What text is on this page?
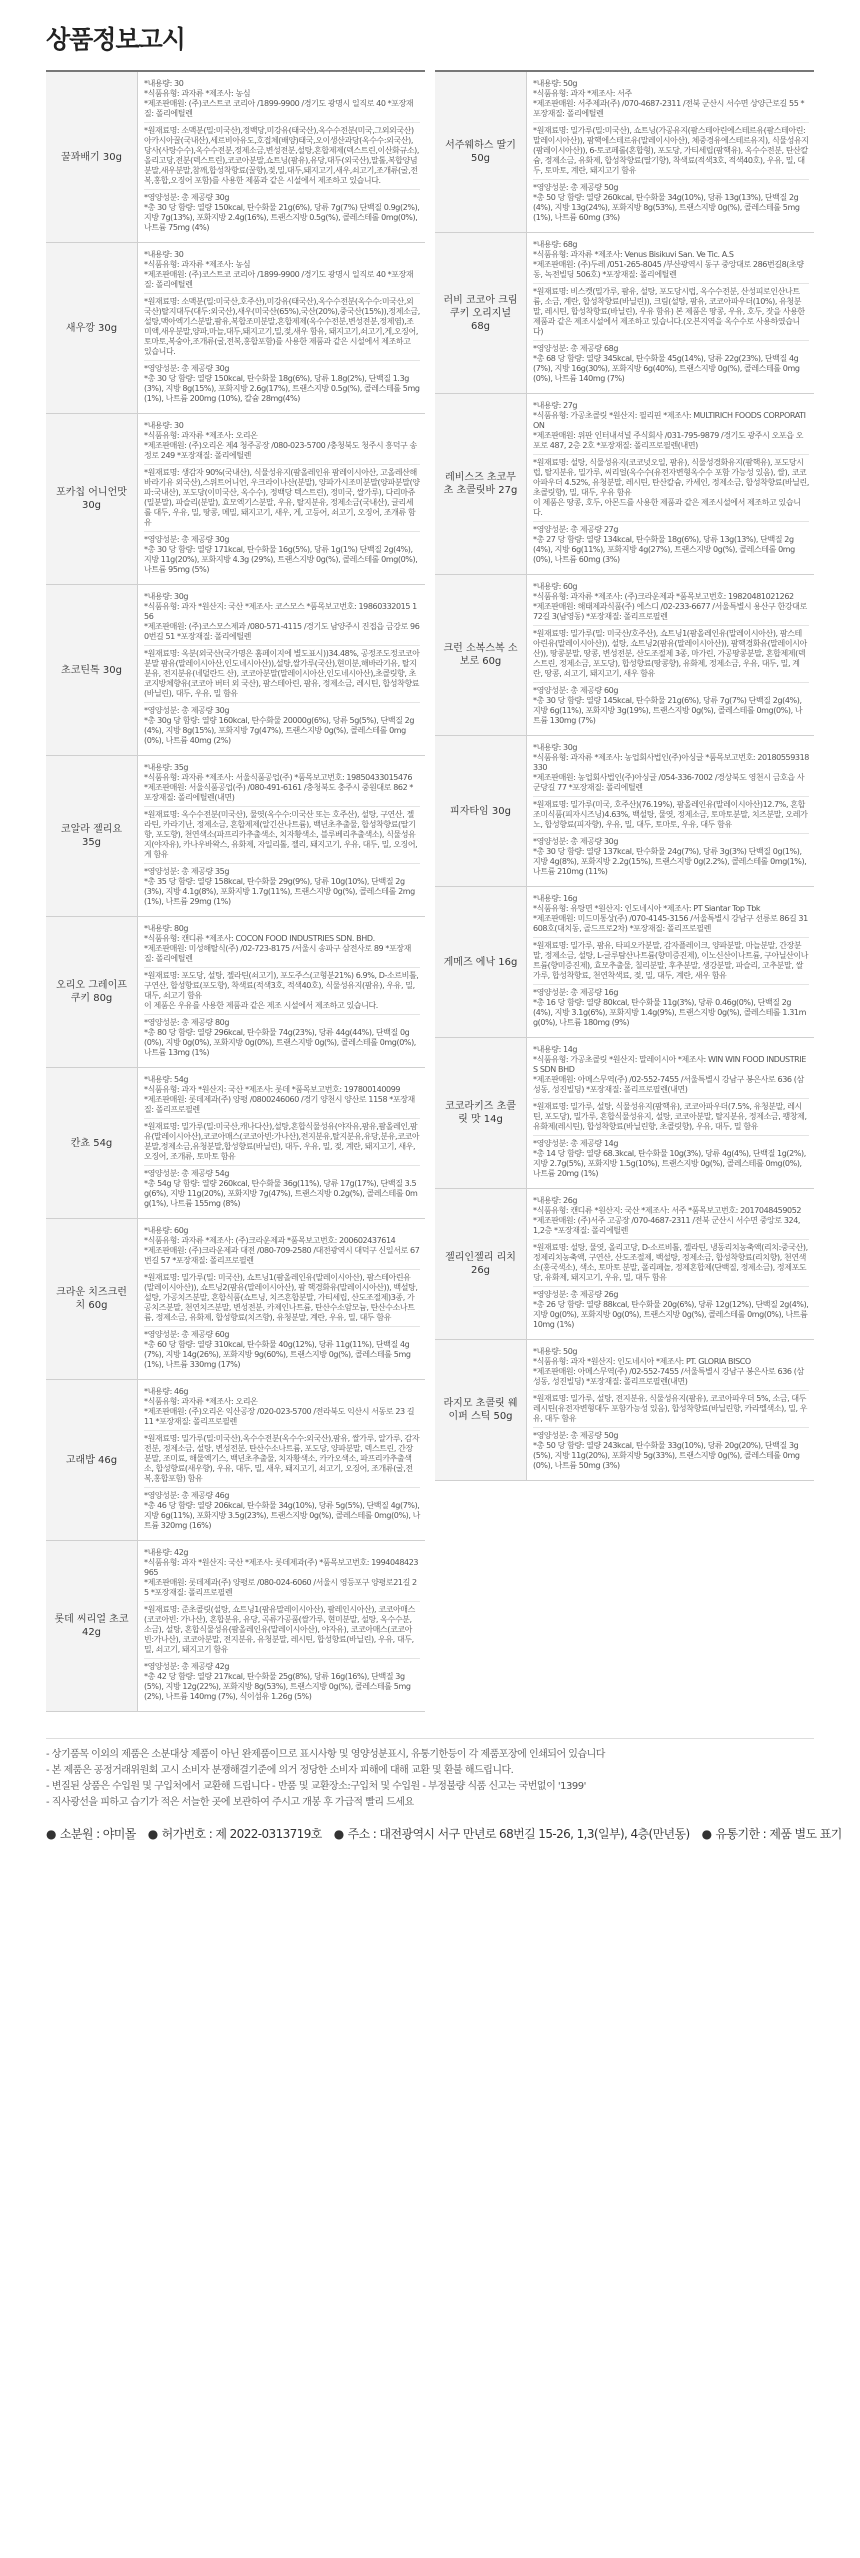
상품정보고시
꿀꽈배기 30g

*내용량: 30

*식품유형: 과자류 *제조사: 농심

*제조판매원: (주)코스트코 코리아 /1899-9900 /경기도 광명시 일직로 40 *포장재질: 폴리에틸렌

*원재료명: 소맥분(밀:미국산),정백당,미강유(태국산),옥수수전분(미국,그외외국산)아카시아꿀(국내산),세르비아유도,호접체(배양)태국,오이생산과당(옥수수:외국산),당사(사탕수수),옥수수전분,정제소금,변성전분,설탕,혼합제제(덱스트린,이산화규소),올리고당,전분(덱스트린),코코아분말,쇼트닝(팜유),유당,대두(외국산),말톨,복합양념분말,새우분말,참깨,합성착향료(꿀향),젖,밀,대두,돼지고기,새우,쇠고기,조개류(굴,전복,홍합,오징어 포함)를 사용한 제품과 같은 시설에서 제조하고 있습니다.

*영양성분: 총 제공량 30g

*총 30 당 함량: 열량 150kcal, 탄수화물 21g(6%), 당류 7g(7%) 단백질 0.9g(2%), 지방 7g(13%), 포화지방 2.4g(16%), 트랜스지방 0.5g(%), 콜레스테롤 0mg(0%), 나트륨 75mg (4%)

새우깡 30g

*내용량: 30

*식품유형: 과자류 *제조사: 농심

*제조판매원: (주)코스트코 코리아 /1899-9900 /경기도 광명시 일직로 40 *포장재질: 폴리에틸렌

*원재료명: 소맥분(밀:미국산,호주산),미강유(태국산),옥수수전분(옥수수:미국산,외국산)탈지대두(대두:외국산),새우(미국산(65%),국산(20%),중국산(15%)),정제소금,설탕,맥아엑기스분말,팜유,복합조미분말,혼합제제(옥수수전분,변성전분,정제염),조미액,새우분말,양파,마늘,대두,돼지고기,밀,젖,새우 함유, 돼지고기,쇠고기,게,오징어,토마토,복숭아,조개류(굴,전복,홍합포함)를 사용한 제품과 같은 시설에서 제조하고 있습니다.

*영양성분: 총 제공량 30g

*총 30 당 함량: 열량 150kcal, 탄수화물 18g(6%), 당류 1.8g(2%), 단백질 1.3g(3%), 지방 8g(15%), 포화지방 2.6g(17%), 트랜스지방 0.5g(%), 콜레스테롤 5mg(1%), 나트륨 200mg (10%), 칼슘 28mg(4%)

포카칩 어니언맛 30g

*내용량: 30

*식품유형: 과자류 *제조사: 오리온

*제조판매원: (주)오리온 제4 청주공장 /080-023-5700 /충청북도 청주시 흥덕구 송정로 249 *포장재질: 폴리에틸렌

*원재료명: 생감자 90%(국내산), 식물성유지(팜올레인유 팜레이시아산, 고올레산해바라기유 외국산),스위트어니언, 우크라이나산(분말), 양파가시조미분말(양파분말(양파:국내산), 포도당(이미국산, 옥수수), 정백당 텍스트린), 정미국, 쌀가루), 다리마쥬(밀분말), 파슬리(분말), 효모엑기스분말, 우유, 탈지분유, 정제소금(국내산), 글리세롤 대두, 우유, 밀, 땅콩, 메밀, 돼지고기, 새우, 게, 고등어, 쇠고기, 오징어, 조개류 함유

*영양성분: 총 제공량 30g

*총 30 당 함량: 열량 171kcal, 탄수화물 16g(5%), 당류 1g(1%) 단백질 2g(4%), 지방 11g(20%), 포화지방 4.3g (29%), 트랜스지방 0g(%), 콜레스테롤 0mg(0%), 나트륨 95mg (5%)

초코틴톡 30g

*내용량: 30g

*식품유형: 과자 *원산지: 국산 *제조사: 코스모스 *품목보고번호: 19860332015 156

*제조판매원: (주)코스모스제과 /080-571-4115 /경기도 남양주시 진접읍 금강로 960번길 51 *포장재질: 폴리에틸렌

*원재료명: 옥분(외국산(국가명은 홈페이지에 별도표시))34.48%, 공정조도정코코아분말 팜유(말레이시아산,인도네시아산)),설탕,쌀가루(국산),현미분,해바라기유, 탈지분유, 전지분유(네덜란드 산), 코코아분말(말레이시아산,인도네시아산),초콜릿향, 초코지방체향유(코코아 버터 외 국산), 팜스테아린, 팜유, 정제소금, 레시틴, 합성착향료(바닐린), 대두, 우유, 밀 함유

*영양성분: 총 제공량 30g

*총 30g 당 함량: 열량 160kcal, 탄수화물 20000g(6%), 당류 5g(5%), 단백질 2g(4%), 지방 8g(15%), 포화지방 7g(47%), 트랜스지방 0g(%), 콜레스테롤 0mg(0%), 나트륨 40mg (2%)

코알라 젤리요 35g

*내용량: 35g

*식품유형: 과자류 *제조사: 서울식품공업(주) *품목보고번호: 19850433015476

*제조판매원: 서울식품공업(주) /080-491-6161 /충청북도 충주시 중원대로 862 *포장재질: 폴리에틸렌(내면)

*원재료명: 옥수수전분(미국산), 물엿(옥수수:미국산 또는 호주산), 설탕, 구연산, 젤라틴, 카라기난, 정제소금, 혼합제제(알긴산나트륨), 백년초추출물, 합성착향료(딸기향, 포도향), 천연색소(파프리카추출색소, 치자황색소, 블루베리추출색소), 식물성유지(야자유), 카나우바왁스, 유화제, 자일리톨, 젤리, 돼지고기, 우유, 대두, 밀, 오징어, 게 함유

*영양성분: 총 제공량 35g

*총 35 당 함량: 열량 158kcal, 탄수화물 29g(9%), 당류 10g(10%), 단백질 2g(3%), 지방 4.1g(8%), 포화지방 1.7g(11%), 트랜스지방 0g(%), 콜레스테롤 2mg(1%), 나트륨 29mg (1%)

오리오 그레이프 쿠키 80g

*내용량: 80g

*식품유형: 캔디류 *제조사: COCON FOOD INDUSTRIES SDN. BHD.

*제조판매원: 미성해탈식(주) /02-723-8175 /서울시 송파구 삼전사로 89 *포장재질: 폴리에틸렌

*원재료명: 포도당, 설탕, 젤라틴(쇠고기), 포도주스(고형분21%) 6.9%, D-소르비톨, 구연산, 합성향료(포도향), 착색료(적색3호, 적색40호), 식물성유지(팜유), 우유, 밀, 대두, 쇠고기 함유

이 제품은 우유를 사용한 제품과 같은 제조 시설에서 제조하고 있습니다.

*영양성분: 총 제공량 80g

*총 80 당 함량: 열량 296kcal, 탄수화물 74g(23%), 당류 44g(44%), 단백질 0g(0%), 지방 0g(0%), 포화지방 0g(0%), 트랜스지방 0g(%), 콜레스테롤 0mg(0%), 나트륨 13mg (1%)

칸쵸 54g

*내용량: 54g

*식품유형: 과자 *원산지: 국산 *제조사: 롯데 *품목보고번호: 197800140099

*제조판매원: 롯데제과(주) 양평 /0800246060 /경기 양천시 양산로 1158 *포장재질: 폴리프로필렌

*원재료명: 밀가루(밀:미국산,캐나다산),설탕,혼합식물성유(야자유,팜유,팜올레인,팜유(말레이시아산),코코아매스(코코아빈:가나산),전지분유,탈지분유,유당,분유,코코아분말,정제소금,유청분말,합성향료(바닐린), 대두, 우유, 밀, 젖, 계란, 돼지고기, 새우, 오징어, 조개류, 토마토 함유

*영양성분: 총 제공량 54g

*총 54g 당 함량: 열량 260kcal, 탄수화물 36g(11%), 당류 17g(17%), 단백질 3.5g(6%), 지방 11g(20%), 포화지방 7g(47%), 트랜스지방 0.2g(%), 콜레스테롤 0mg(1%), 나트륨 155mg (8%)

크라운 치즈크런치 60g

*내용량: 60g

*식품유형: 과자류 *제조사: (주)크라운제과 *품목보고번호: 200602437614

*제조판매원: (주)크라운제과 대전 /080-709-2580 /대전광역시 대덕구 신일서로 67번길 57 *포장재질: 폴리프로필렌

*원재료명: 밀가루(밀: 미국산), 쇼트닝1(팜올레인유(말레이시아산), 팜스테아린유(말레이시아산)), 쇼트닝2(팜유(말레이시아산), 팜 핵경화유(말레이시아산)), 백설탕, 설탕, 가공치즈분말, 혼합식품(쇼트닝, 치즈혼합분말, 가티세립, 산도조절제)3종, 가공치즈분말, 천연치즈분말, 변성전분, 카제인나트륨, 탄산수소암모늄, 탄산수소나트륨, 정제소금, 유화제, 합성향료(치즈향), 유청분말, 계란, 우유, 밀, 대두 함유

*영양성분: 총 제공량 60g

*총 60 당 함량: 열량 310kcal, 탄수화물 40g(12%), 당류 11g(11%), 단백질 4g(7%), 지방 14g(26%), 포화지방 9g(60%), 트랜스지방 0g(%), 콜레스테롤 5mg(1%), 나트륨 330mg (17%)

고래밥 46g

*내용량: 46g

*식품유형: 과자류 *제조사: 오리온

*제조판매원: (주)오리온 익산공장 /020-023-5700 /전라북도 익산시 서동로 23 길 11 *포장재질: 폴리프로필렌

*원재료명: 밀가루(밀:미국산),옥수수전분(옥수수:외국산),팜유, 쌀가루, 알가루, 감자전분, 정제소금, 설탕, 변성전분, 탄산수소나트륨, 포도당, 양파분말, 덱스트린, 간장분말, 조미료, 해물엑기스, 백년초추출물, 치자황색소, 카카오색소, 파프리카추출색소, 합성향료(새우향), 우유, 대두, 밀, 새우, 돼지고기, 쇠고기, 오징어, 조개류(굴,전복,홍합포함) 함유

*영양성분: 총 제공량 46g

*총 46 당 함량: 열량 206kcal, 탄수화물 34g(10%), 당류 5g(5%), 단백질 4g(7%), 지방 6g(11%), 포화지방 3.5g(23%), 트랜스지방 0g(%), 콜레스테롤 0mg(0%), 나트륨 320mg (16%)

롯데 씨리얼 초코 42g

*내용량: 42g

*식품유형: 과자 *원산지: 국산 *제조사: 롯데제과(주) *품목보고번호: 1994048423965

*제조판매원: 롯데제과(주) 양평로 /080-024-6060 /서울시 영등포구 양평로21길 25 *포장재질: 폴리프로필렌

*원재료명: 준초콜릿(설탕, 쇼트닝1(팜유말레이시아산), 팜레인시아산), 코코아매스(코코아빈: 가나산), 혼합분유, 유당, 곡류가공품(쌀가루, 현미분말, 설탕, 옥수수분, 소금), 설탕, 혼합식물성유(팜올레인유(말레이시아산), 야자유), 코코아매스(코코아빈:가나산), 코코아분말, 전지분유, 유청분말, 레시틴, 합성향료(바닐린), 우유, 대두, 밀, 쇠고기, 돼지고기 함유

*영양성분: 총 제공량 42g

*총 42 당 함량: 열량 217kcal, 탄수화물 25g(8%), 당류 16g(16%), 단백질 3g(5%), 지방 12g(22%), 포화지방 8g(53%), 트랜스지방 0g(%), 콜레스테롤 5mg(2%), 나트륨 140mg (7%), 식이섬유 1.26g (5%)

서주웨하스 딸기 50g

*내용량: 50g

*식품유형: 과자 *제조사: 서주

*제조판매원: 서주제과(주) /070-4687-2311 /전북 군산시 서수면 상양근로길 55 *포장재질: 폴리에틸렌

*원재료명: 밀가루(밀:미국산), 쇼트닝(가공유지(팜스테아린에스테르유(팜스테아린:말레이시아산)), 팜핵에스테르유(말레이시아산), 체중경유에스테르유지), 식물성유지(팜레이시아산)), 6-토코페롤(혼합형), 포도당, 가티세립(팜핵유), 옥수수전분, 탄산칼슘, 정제소금, 유화제, 합성착향료(딸기향), 착색료(적색3호, 적색40호), 우유, 밀, 대두, 토마토, 계란, 돼지고기 함유

*영양성분: 총 제공량 50g

*총 50 당 함량: 열량 260kcal, 탄수화물 34g(10%), 당류 13g(13%), 단백질 2g(4%), 지방 13g(24%), 포화지방 8g(53%), 트랜스지방 0g(%), 콜레스테롤 5mg(1%), 나트륨 60mg (3%)

러비 코코아 크림 쿠키 오리지널 68g

*내용량: 68g

*식품유형: 과자류 *제조사: Venus Bisikuvi San. Ve Tic. A.S

*제조판매원: (주)두레 /051-265-8045 /부산광역시 동구 중앙대로 286번길8(초량동, 녹전빌딩 506호) *포장재질: 폴리에틸렌

*원재료명: 비스켓(밀가루, 팜유, 설탕, 포도당시럽, 옥수수전분, 산성피로인산나트륨, 소금, 계란, 합성착향료(바닐린)), 크림(설탕, 팜유, 코코아파우더(10%), 유청분말, 레시틴, 합성착향료(바닐린), 우유 함유) 본 제품은 땅콩, 우유, 호두, 잣을 사용한 제품과 같은 제조시설에서 제조하고 있습니다.(오븐지역을 옥수수로 사용하였습니다)

*영양성분: 총 제공량 68g

*총 68 당 함량: 열량 345kcal, 탄수화물 45g(14%), 당류 22g(23%), 단백질 4g(7%), 지방 16g(30%), 포화지방 6g(40%), 트랜스지방 0g(%), 콜레스테롤 0mg(0%), 나트륨 140mg (7%)

레비스즈 초코무초 초콜릿바 27g

*내용량: 27g

*식품유형: 가공초콜릿 *원산지: 필리핀 *제조사: MULTIRICH FOODS CORPORATION

*제조판매원: 위판 인터내셔널 주식회사 /031-795-9879 /경기도 광주시 오포읍 오포로 487, 2층 2호 *포장재질: 폴리프로필렌(내면)

*원재료명: 설탕, 식물성유지(코코넛오일, 팜유), 식물성경화유지(팜핵유), 포도당시럽, 탈지분유, 밀가루, 씨리얼(옥수수(유전자변형옥수수 포함 가능성 있음), 쌀), 코코아파우더 4.52%, 유청분말, 레시틴, 탄산칼슘, 카세인, 정제소금, 합성착향료(바닐린, 초콜릿향), 밀, 대두, 우유 함유

이 제품은 땅콩, 호두, 아몬드를 사용한 제품과 같은 제조시설에서 제조하고 있습니다.

*영양성분: 총 제공량 27g

*총 27 당 함량: 열량 134kcal, 탄수화물 18g(6%), 당류 13g(13%), 단백질 2g(4%), 지방 6g(11%), 포화지방 4g(27%), 트랜스지방 0g(%), 콜레스테롤 0mg(0%), 나트륨 60mg (3%)

크런 소복스복 소보로 60g

*내용량: 60g

*식품유형: 과자류 *제조사: (주)크라운제과 *품목보고번호: 19820481021262

*제조판매원: 해태제과식품(주) 에스디 /02-233-6677 /서울특별시 용산구 한강대로 72길 3(남영동) *포장재질: 폴리프로필렌

*원재료명: 밀가루(밀: 미국산/호주산), 쇼트닝1(팜올레인유(말레이시아산), 팜스테아린유(말레이시아산)), 설탕, 쇼트닝2(팜유(말레이시아산)), 팜핵경화유(말레이시아산)), 땅콩분말, 땅콩, 변성전분, 산도조절제 3종, 마가린, 가공땅콩분말, 혼합제제(덱스트린, 정제소금, 포도당), 합성향료(땅콩향), 유화제, 정제소금, 우유, 대두, 밀, 계란, 땅콩, 쇠고기, 돼지고기, 새우 함유

*영양성분: 총 제공량 60g

*총 30 당 함량: 열량 145kcal, 탄수화물 21g(6%), 당류 7g(7%) 단백질 2g(4%), 지방 6g(11%), 포화지방 3g(19%), 트랜스지방 0g(%), 콜레스테롤 0mg(0%), 나트륨 130mg (7%)

피자타임 30g

*내용량: 30g

*식품유형: 과자류 *제조사: 농업회사법인(주)아싱글 *품목보고번호: 20180559318330

*제조판매원: 농업회사법인(주)아싱글 /054-336-7002 /경상북도 영천시 금호읍 사군당길 77 *포장재질: 폴리에틸렌

*원재료명: 밀가루(미국, 호주산)(76.19%), 팜올레인유(말레이시아산)12.7%, 혼합조미식품(피자시즈닝)4.63%, 백설탕, 물엿, 정제소금, 토마토분말, 치즈분말, 오레가노, 합성향료(피자향), 우유, 밀, 대두, 토마토, 우유, 대두 함유

*영양성분: 총 제공량 30g

*총 30 당 함량: 열량 137kcal, 탄수화물 24g(7%), 당류 3g(3%) 단백질 0g(1%), 지방 4g(8%), 포화지방 2.2g(15%), 트랜스지방 0g(2.2%), 콜레스테롤 0mg(1%), 나트륨 210mg (11%)

게메즈 에낙 16g

*내용량: 16g

*식품유형: 유탕면 *원산지: 인도네시아 *제조사: PT Siantar Top Tbk

*제조판매원: 미드미통상(주) /070-4145-3156 /서울특별시 강남구 선릉로 86길 31 608호(대치동, 골드프로2차) *포장재질: 폴리프로필렌

*원재료명: 밀가루, 팜유, 타피오카분말, 감자플레이크, 양파분말, 마늘분말, 간장분말, 정제소금, 설탕, L-글루탐산나트륨(향미증진제), 이노신산이나트륨, 구아닐산이나트륨(향미증진제), 효모추출물, 칠리분말, 후추분말, 생강분말, 파슬리, 고추분말, 쌀가루, 합성착향료, 천연착색료, 젖, 밀, 대두, 계란, 새우 함유

*영양성분: 총 제공량 16g

*총 16 당 함량: 열량 80kcal, 탄수화물 11g(3%), 당류 0.46g(0%), 단백질 2g(4%), 지방 3.1g(6%), 포화지방 1.4g(9%), 트랜스지방 0g(%), 콜레스테롤 1.31mg(0%), 나트륨 180mg (9%)

코코라키즈 초콜릿 맛 14g

*내용량: 14g

*식품유형: 가공초콜릿 *원산지: 말레이시아 *제조사: WIN WIN FOOD INDUSTRIES SDN BHD

*제조판매원: 아메스무역(주) /02-552-7455 /서울특별시 강남구 봉은사로 636 (삼성동, 성진빌딩) *포장재질: 폴리프로필렌(내면)

*원재료명: 밀가루, 설탕, 식물성유지(팜핵유), 코코아파우더(7.5%, 유청분말, 레시틴, 포도당), 밀가루, 혼합식물성유지, 설탕, 코코아분말, 탈지분유, 정제소금, 팽창제, 유화제(레시틴), 합성착향료(바닐린향, 초콜릿향), 우유, 대두, 밀 함유

*영양성분: 총 제공량 14g

*총 14 당 함량: 열량 68.3kcal, 탄수화물 10g(3%), 당류 4g(4%), 단백질 1g(2%), 지방 2.7g(5%), 포화지방 1.5g(10%), 트랜스지방 0g(%), 콜레스테롤 0mg(0%), 나트륨 20mg (1%)

젤리인젤리 리치 26g

*내용량: 26g

*식품유형: 캔디류 *원산지: 국산 *제조사: 서주 *품목보고번호: 2017048459052

*제조판매원: (주)서주 고공장 /070-4687-2311 /전북 군산시 서수면 중앙로 324, 1,2층 *포장재질: 폴리에틸렌

*원재료명: 설탕, 물엿, 올리고당, D-소르비톨, 젤라틴, 냉동리치농축액(리치:중국산), 정제리치농축액, 구연산, 산도조절제, 백설탕, 정제소금, 합성착향료(리치향), 천연색소(홍국색소), 색소, 토마토 분말, 폴리페놀, 정제혼합제(단백질, 정제소금), 정제포도당, 유화제, 돼지고기, 우유, 밀, 대두 함유

*영양성분: 총 제공량 26g

*총 26 당 함량: 열량 88kcal, 탄수화물 20g(6%), 당류 12g(12%), 단백질 2g(4%), 지방 0g(0%), 포화지방 0g(0%), 트랜스지방 0g(%), 콜레스테롤 0mg(0%), 나트륨 10mg (1%)

라지모 초콜릿 웨이퍼 스틱 50g

*내용량: 50g

*식품유형: 과자 *원산지: 인도네시아 *제조사: PT. GLORIA BISCO

*제조판매원: 아메스무역(주) /02-552-7455 /서울특별시 강남구 봉은사로 636 (삼성동, 성진빌딩) *포장재질: 폴리프로필렌(내면)

*원재료명: 밀가루, 설탕, 전지분유, 식물성유지(팜유), 코코아파우더 5%, 소금, 대두레시틴(유전자변형대두 포함가능성 있음), 합성착향료(바닐린향, 카라멜색소), 밀, 우유, 대두 함유

*영양성분: 총 제공량 50g

*총 50 당 함량: 열량 243kcal, 탄수화물 33g(10%), 당류 20g(20%), 단백질 3g(5%), 지방 11g(20%), 포화지방 5g(33%), 트랜스지방 0g(%), 콜레스테롤 0mg(0%), 나트륨 50mg (3%)

- 상기품목 이외의 제품은 소분대상 제품이 아닌 완제품이므로 표시사항 및 영양성분표시, 유통기한등이 각 제품포장에 인쇄되어 있습니다

- 본 제품은 공정거래위원회 고시 소비자 분쟁해결기준에 의거 정당한 소비자 피해에 대해 교환 및 환불 해드립니다.

- 변질된 상품은 수입원 및 구입처에서 교환해 드립니다 - 반품 및 교환장소:구입처 및 수입원 - 부정불량 식품 신고는 국번없이 '1399'

- 직사광선을 피하고 습기가 적은 서늘한 곳에 보관하여 주시고 개봉 후 가급적 빨리 드세요

● 소분원 : 야미몰 ● 허가번호 : 제 2022-0313719호 ● 주소 : 대전광역시 서구 만년로 68번길 15-26, 1,3(일부), 4층(만년동) ● 유통기한 : 제품 별도 표기
